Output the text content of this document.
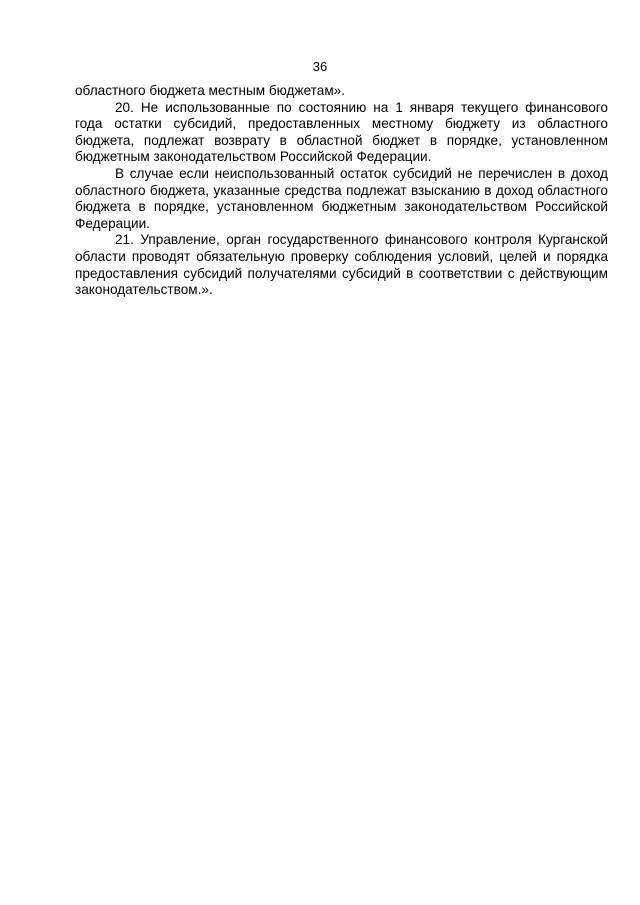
36

областного бюджета местным бюджетам».

20. Не использованные по состоянию на 1 января текущего финансового года остатки субсидий, предоставленных местному бюджету из областного бюджета, подлежат возврату в областной бюджет в порядке, установленном бюджетным законодательством Российской Федерации.

В случае если неиспользованный остаток субсидий не перечислен в доход областного бюджета, указанные средства подлежат взысканию в доход областного бюджета в порядке, установленном бюджетным законодательством Российской Федерации.

21. Управление, орган государственного финансового контроля Курганской области проводят обязательную проверку соблюдения условий, целей и порядка предоставления субсидий получателями субсидий в соответствии с действующим законодательством.».
